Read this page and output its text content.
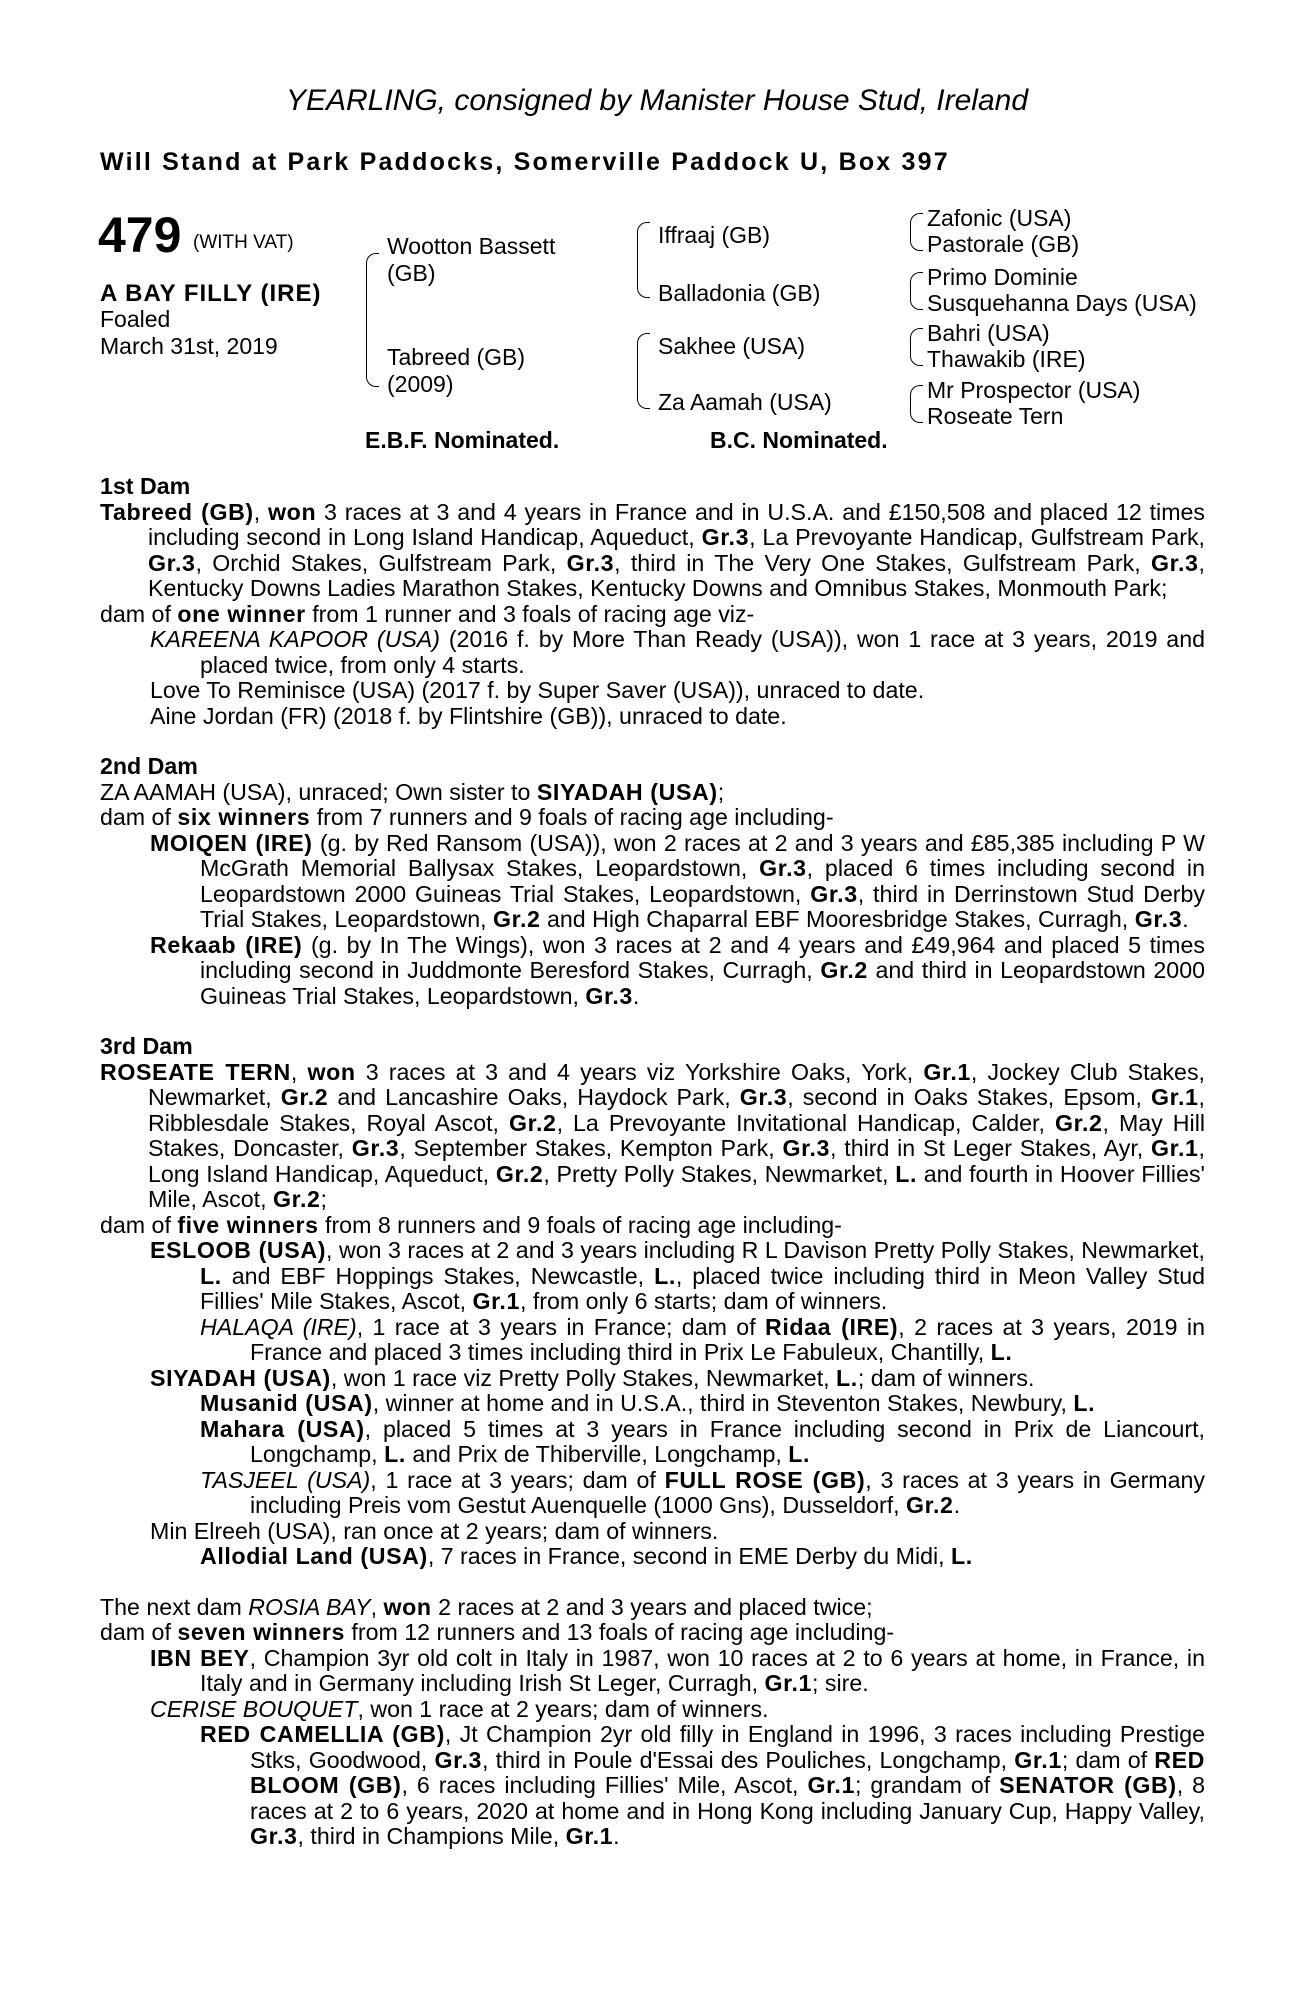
YEARLING, consigned by Manister House Stud, Ireland
Will Stand at Park Paddocks, Somerville Paddock U, Box 397
479 (WITH VAT)
A BAY FILLY (IRE)
Foaled
March 31st, 2019
Wootton Bassett
(GB)
Tabreed (GB)
(2009)
Iffraaj (GB)
Balladonia (GB)
Sakhee (USA)
Za Aamah (USA)
Zafonic (USA)
Pastorale (GB)
Primo Dominie
Susquehanna Days (USA)
Bahri (USA)
Thawakib (IRE)
Mr Prospector (USA)
Roseate Tern
E.B.F. Nominated.	B.C. Nominated.

1st Dam

Tabreed (GB), won 3 races at 3 and 4 years in France and in U.S.A. and £150,508 and placed 12 times including second in Long Island Handicap, Aqueduct, Gr.3, La Prevoyante Handicap, Gulfstream Park, Gr.3, Orchid Stakes, Gulfstream Park, Gr.3, third in The Very One Stakes, Gulfstream Park, Gr.3, Kentucky Downs Ladies Marathon Stakes, Kentucky Downs and Omnibus Stakes, Monmouth Park;

dam of one winner from 1 runner and 3 foals of racing age viz-

KAREENA KAPOOR (USA) (2016 f. by More Than Ready (USA)), won 1 race at 3 years, 2019 and placed twice, from only 4 starts.

Love To Reminisce (USA) (2017 f. by Super Saver (USA)), unraced to date.

Aine Jordan (FR) (2018 f. by Flintshire (GB)), unraced to date.

2nd Dam

ZA AAMAH (USA), unraced; Own sister to SIYADAH (USA);

dam of six winners from 7 runners and 9 foals of racing age including-

MOIQEN (IRE) (g. by Red Ransom (USA)), won 2 races at 2 and 3 years and £85,385 including P W McGrath Memorial Ballysax Stakes, Leopardstown, Gr.3, placed 6 times including second in Leopardstown 2000 Guineas Trial Stakes, Leopardstown, Gr.3, third in Derrinstown Stud Derby Trial Stakes, Leopardstown, Gr.2 and High Chaparral EBF Mooresbridge Stakes, Curragh, Gr.3.

Rekaab (IRE) (g. by In The Wings), won 3 races at 2 and 4 years and £49,964 and placed 5 times including second in Juddmonte Beresford Stakes, Curragh, Gr.2 and third in Leopardstown 2000 Guineas Trial Stakes, Leopardstown, Gr.3.

3rd Dam

ROSEATE TERN, won 3 races at 3 and 4 years viz Yorkshire Oaks, York, Gr.1, Jockey Club Stakes, Newmarket, Gr.2 and Lancashire Oaks, Haydock Park, Gr.3, second in Oaks Stakes, Epsom, Gr.1, Ribblesdale Stakes, Royal Ascot, Gr.2, La Prevoyante Invitational Handicap, Calder, Gr.2, May Hill Stakes, Doncaster, Gr.3, September Stakes, Kempton Park, Gr.3, third in St Leger Stakes, Ayr, Gr.1, Long Island Handicap, Aqueduct, Gr.2, Pretty Polly Stakes, Newmarket, L. and fourth in Hoover Fillies' Mile, Ascot, Gr.2;

dam of five winners from 8 runners and 9 foals of racing age including-

ESLOOB (USA), won 3 races at 2 and 3 years including R L Davison Pretty Polly Stakes, Newmarket, L. and EBF Hoppings Stakes, Newcastle, L., placed twice including third in Meon Valley Stud Fillies' Mile Stakes, Ascot, Gr.1, from only 6 starts; dam of winners.

HALAQA (IRE), 1 race at 3 years in France; dam of Ridaa (IRE), 2 races at 3 years, 2019 in France and placed 3 times including third in Prix Le Fabuleux, Chantilly, L.

SIYADAH (USA), won 1 race viz Pretty Polly Stakes, Newmarket, L.; dam of winners.

Musanid (USA), winner at home and in U.S.A., third in Steventon Stakes, Newbury, L.

Mahara (USA), placed 5 times at 3 years in France including second in Prix de Liancourt, Longchamp, L. and Prix de Thiberville, Longchamp, L.

TASJEEL (USA), 1 race at 3 years; dam of FULL ROSE (GB), 3 races at 3 years in Germany including Preis vom Gestut Auenquelle (1000 Gns), Dusseldorf, Gr.2.

Min Elreeh (USA), ran once at 2 years; dam of winners.

Allodial Land (USA), 7 races in France, second in EME Derby du Midi, L.

The next dam ROSIA BAY, won 2 races at 2 and 3 years and placed twice;

dam of seven winners from 12 runners and 13 foals of racing age including-

IBN BEY, Champion 3yr old colt in Italy in 1987, won 10 races at 2 to 6 years at home, in France, in Italy and in Germany including Irish St Leger, Curragh, Gr.1; sire.

CERISE BOUQUET, won 1 race at 2 years; dam of winners.

RED CAMELLIA (GB), Jt Champion 2yr old filly in England in 1996, 3 races including Prestige Stks, Goodwood, Gr.3, third in Poule d'Essai des Pouliches, Longchamp, Gr.1; dam of RED BLOOM (GB), 6 races including Fillies' Mile, Ascot, Gr.1; grandam of SENATOR (GB), 8 races at 2 to 6 years, 2020 at home and in Hong Kong including January Cup, Happy Valley, Gr.3, third in Champions Mile, Gr.1.
